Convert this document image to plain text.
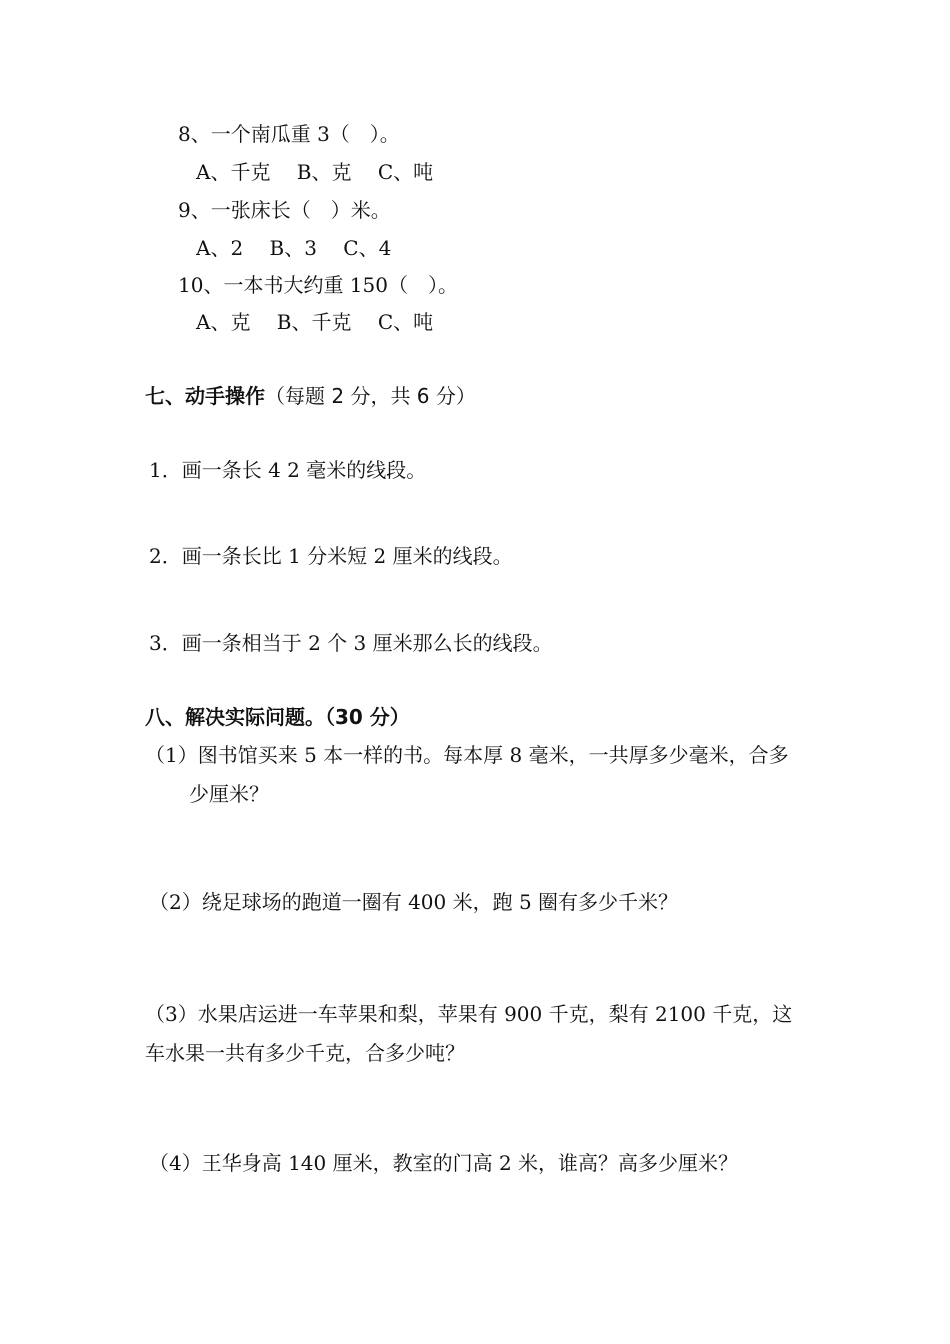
8、一个南瓜重 3（　）。
A、千克　 B、克　 C、吨
9、一张床长（　）米。
A、2　 B、3　 C、4
10、一本书大约重 150（　）。
A、克　 B、千克　 C、吨
七、动手操作（每题 2 分，共 6 分）
1．画一条长 4 2 毫米的线段。
2．画一条长比 1 分米短 2 厘米的线段。
3．画一条相当于 2 个 3 厘米那么长的线段。
八、解决实际问题。（30 分）
（1）图书馆买来 5 本一样的书。每本厚 8 毫米，一共厚多少毫米，合多
少厘米？
（2）绕足球场的跑道一圈有 400 米，跑 5 圈有多少千米？
（3）水果店运进一车苹果和梨，苹果有 900 千克，梨有 2100 千克，这
车水果一共有多少千克，合多少吨？
（4）王华身高 140 厘米，教室的门高 2 米，谁高？高多少厘米？
